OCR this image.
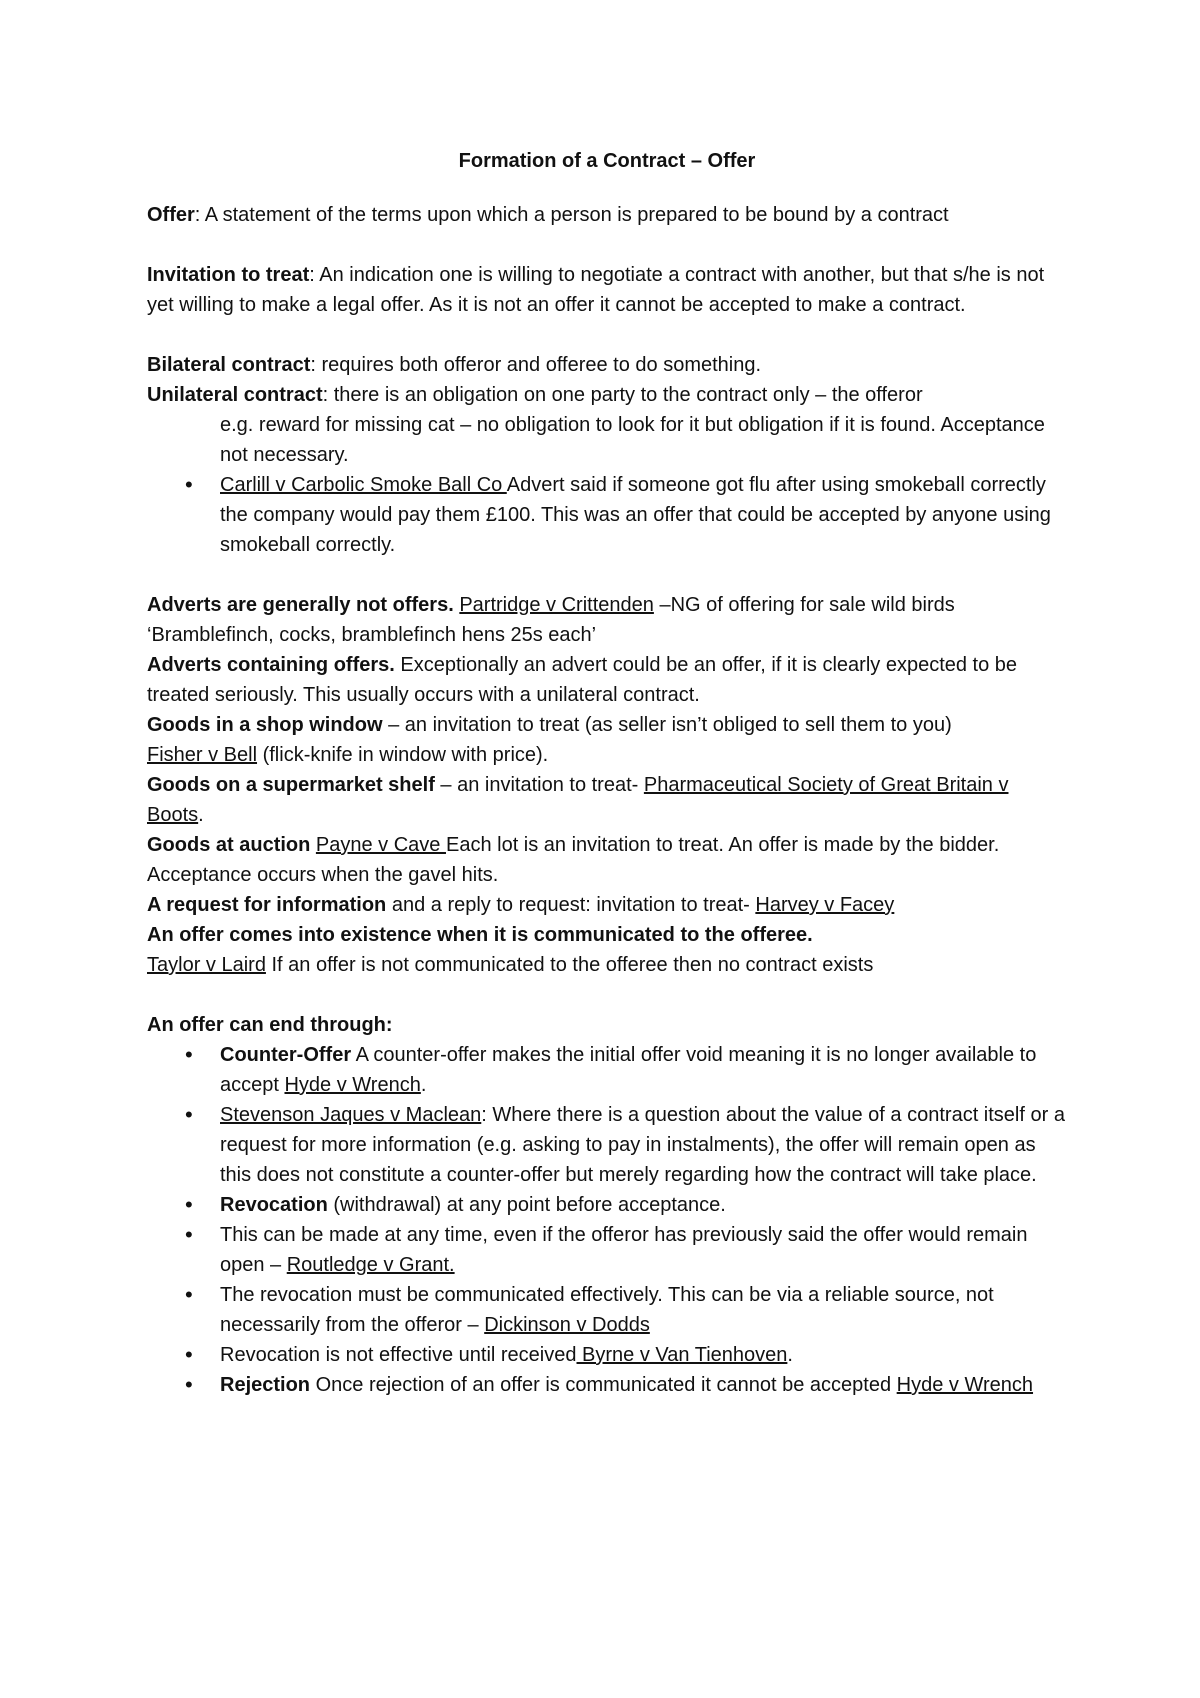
Formation of a Contract – Offer

Offer: A statement of the terms upon which a person is prepared to be bound by a contract

Invitation to treat: An indication one is willing to negotiate a contract with another, but that s/he is not yet willing to make a legal offer. As it is not an offer it cannot be accepted to make a contract.

Bilateral contract: requires both offeror and offeree to do something.

Unilateral contract: there is an obligation on one party to the contract only – the offeror

e.g. reward for missing cat – no obligation to look for it but obligation if it is found. Acceptance not necessary.

• Carlill v Carbolic Smoke Ball Co Advert said if someone got flu after using smokeball correctly the company would pay them £100. This was an offer that could be accepted by anyone using smokeball correctly.

Adverts are generally not offers. Partridge v Crittenden –NG of offering for sale wild birds ‘Bramblefinch, cocks, bramblefinch hens 25s each’

Adverts containing offers. Exceptionally an advert could be an offer, if it is clearly expected to be treated seriously. This usually occurs with a unilateral contract.

Goods in a shop window – an invitation to treat (as seller isn’t obliged to sell them to you)
Fisher v Bell (flick-knife in window with price).

Goods on a supermarket shelf – an invitation to treat- Pharmaceutical Society of Great Britain v Boots.

Goods at auction Payne v Cave Each lot is an invitation to treat. An offer is made by the bidder. Acceptance occurs when the gavel hits.

A request for information and a reply to request: invitation to treat- Harvey v Facey

An offer comes into existence when it is communicated to the offeree.

Taylor v Laird If an offer is not communicated to the offeree then no contract exists

An offer can end through:

• Counter-Offer A counter-offer makes the initial offer void meaning it is no longer available to accept Hyde v Wrench.
• Stevenson Jaques v Maclean: Where there is a question about the value of a contract itself or a request for more information (e.g. asking to pay in instalments), the offer will remain open as this does not constitute a counter-offer but merely regarding how the contract will take place.
• Revocation (withdrawal) at any point before acceptance.
• This can be made at any time, even if the offeror has previously said the offer would remain open – Routledge v Grant.
• The revocation must be communicated effectively. This can be via a reliable source, not necessarily from the offeror – Dickinson v Dodds
• Revocation is not effective until received Byrne v Van Tienhoven.
• Rejection Once rejection of an offer is communicated it cannot be accepted Hyde v Wrench
